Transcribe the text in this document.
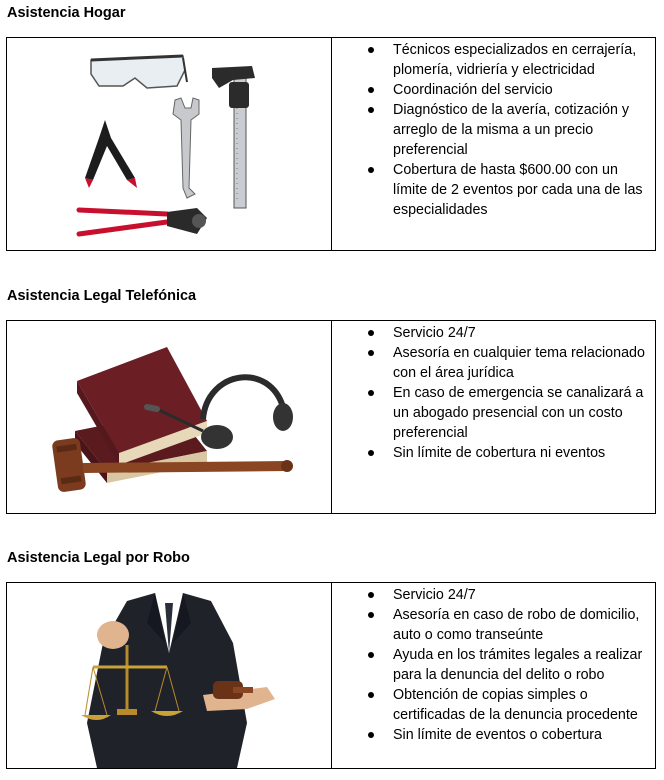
Asistencia Hogar
Técnicos especializados en cerrajería, plomería, vidriería y electricidad
Coordinación del servicio
Diagnóstico de la avería, cotización y arreglo de la misma a un precio preferencial
Cobertura de hasta $600.00 con un límite de 2 eventos por cada una de las especialidades
Asistencia Legal Telefónica
Servicio 24/7
Asesoría en cualquier tema relacionado con el área jurídica
En caso de emergencia se canalizará a un abogado presencial con un costo preferencial
Sin límite de cobertura ni eventos
Asistencia Legal por Robo
Servicio 24/7
Asesoría en caso de robo de domicilio, auto o como transeúnte
Ayuda en los trámites legales a realizar para la denuncia del delito o robo
Obtención de copias simples o certificadas de la denuncia procedente
Sin límite de eventos o cobertura
